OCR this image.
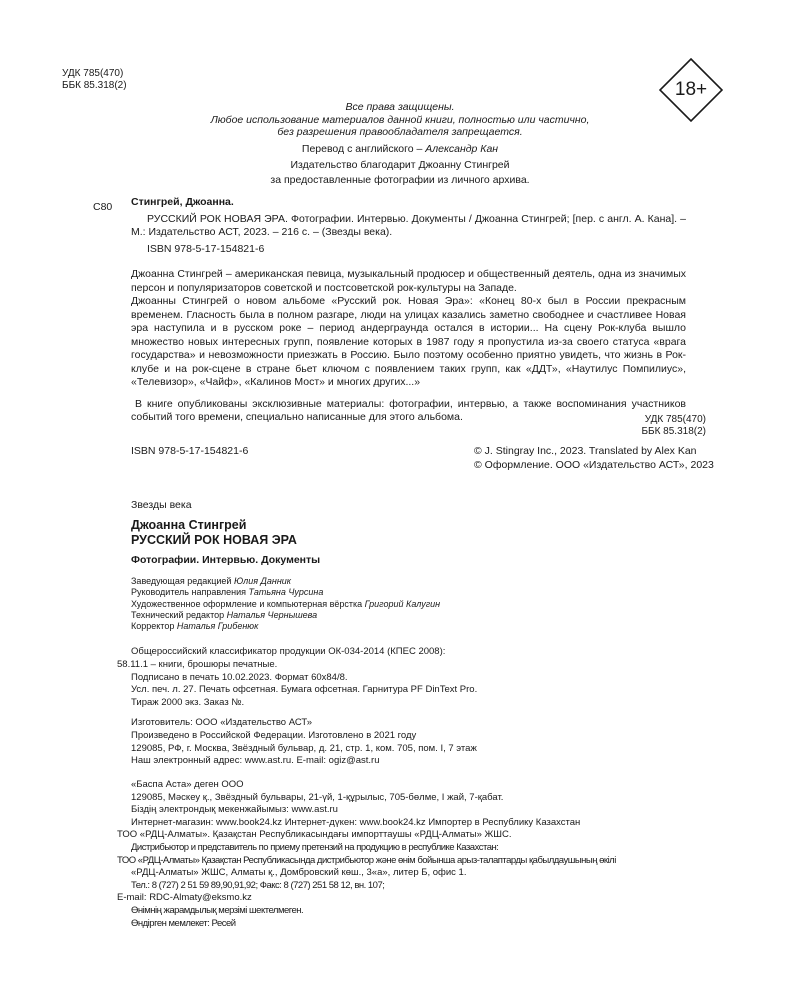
УДК 785(470)
ББК 85.318(2)	18+
Все права защищены.
Любое использование материалов данной книги, полностью или частично,
без разрешения правообладателя запрещается.
Перевод с английского – Александр Кан
Издательство благодарит Джоанну Стингрей
за предоставленные фотографии из личного архива.
С80 Стингрей, Джоанна.
РУССКИЙ РОК НОВАЯ ЭРА. Фотографии. Интервью. Документы / Джоанна Стингрей; [пер. с англ. А. Кана]. – М.: Издательство АСТ, 2023. – 216 с. – (Звезды века).
ISBN 978-5-17-154821-6

Джоанна Стингрей – американская певица, музыкальный продюсер и общественный деятель, одна из значимых персон и популяризаторов советской и постсоветской рок-культуры на Западе.

Джоанны Стингрей о новом альбоме «Русский рок. Новая Эра»: «Конец 80-х был в России прекрасным временем. Гласность была в полном разгаре, люди на улицах казались заметно свободнее и счастливее Новая эра наступила и в русском роке – период андерграунда остался в истории... На сцену Рок-клуба вышло множество новых интересных групп, появление которых в 1987 году я пропустила из-за своего статуса «врага государства» и невозможности приезжать в Россию. Было поэтому особенно приятно увидеть, что жизнь в Рок-клубе и на рок-сцене в стране бьет ключом с появлением таких групп, как «ДДТ», «Наутилус Помпилиус», «Телевизор», «Чайф», «Калинов Мост» и многих других...»

В книге опубликованы эксклюзивные материалы: фотографии, интервью, а также воспоминания участников событий того времени, специально написанные для этого альбома.	УДК 785(470)
ББК 85.318(2)
ISBN 978-5-17-154821-6	© J. Stingray Inc., 2023. Translated by Alex Kan
© Оформление. ООО «Издательство АСТ», 2023
Звезды века
Джоанна Стингрей
РУССКИЙ РОК НОВАЯ ЭРА
Фотографии. Интервью. Документы
Заведующая редакцией Юлия Данник
Руководитель направления Татьяна Чурсина
Художественное оформление и компьютерная вёрстка Григорий Калугин
Технический редактор Наталья Чернышева
Корректор Наталья Грибенюк
Общероссийский классификатор продукции ОК-034-2014 (КПЕС 2008):
58.11.1 – книги, брошюры печатные.
Подписано в печать 10.02.2023. Формат 60х84/8.
Усл. печ. л. 27. Печать офсетная. Бумага офсетная. Гарнитура PF DinText Pro.
Тираж 2000 экз. Заказ №.
Изготовитель: ООО «Издательство АСТ»
Произведено в Российской Федерации. Изготовлено в 2021 году
129085, РФ, г. Москва, Звёздный бульвар, д. 21, стр. 1, ком. 705, пом. I, 7 этаж
Наш электронный адрес: www.ast.ru. E-mail: ogiz@ast.ru
«Баспа Аста» деген ООО
129085, Мәскеу қ., Звёздный бульвары, 21-үй, 1-құрылыс, 705-бөлме, I жай, 7-қабат.
Біздің электрондық мекенжайымыз: www.ast.ru
Интернет-магазин: www.book24.kz Интернет-дүкен: www.book24.kz Импортер в Республику Казахстан
ТОО «РДЦ-Алматы». Қазақстан Республикасындағы импорттаушы «РДЦ-Алматы» ЖШС.
Дистрибьютор и представитель по приему претензий на продукцию в республике Казахстан:
ТОО «РДЦ-Алматы» Қазақстан Республикасында дистрибьютор және өнім бойынша арыз-талаптарды қабылдаушының өкілі
«РДЦ-Алматы» ЖШС, Алматы қ., Домбровский көш., 3«а», литер Б, офис 1.
Тел.: 8 (727) 2 51 59 89,90,91,92; Факс: 8 (727) 251 58 12, вн. 107;
E-mail: RDC-Almaty@eksmo.kz
Өнімнің жарамдылық мерзімі шектелмеген.
Өндірген мемлекет: Ресей
